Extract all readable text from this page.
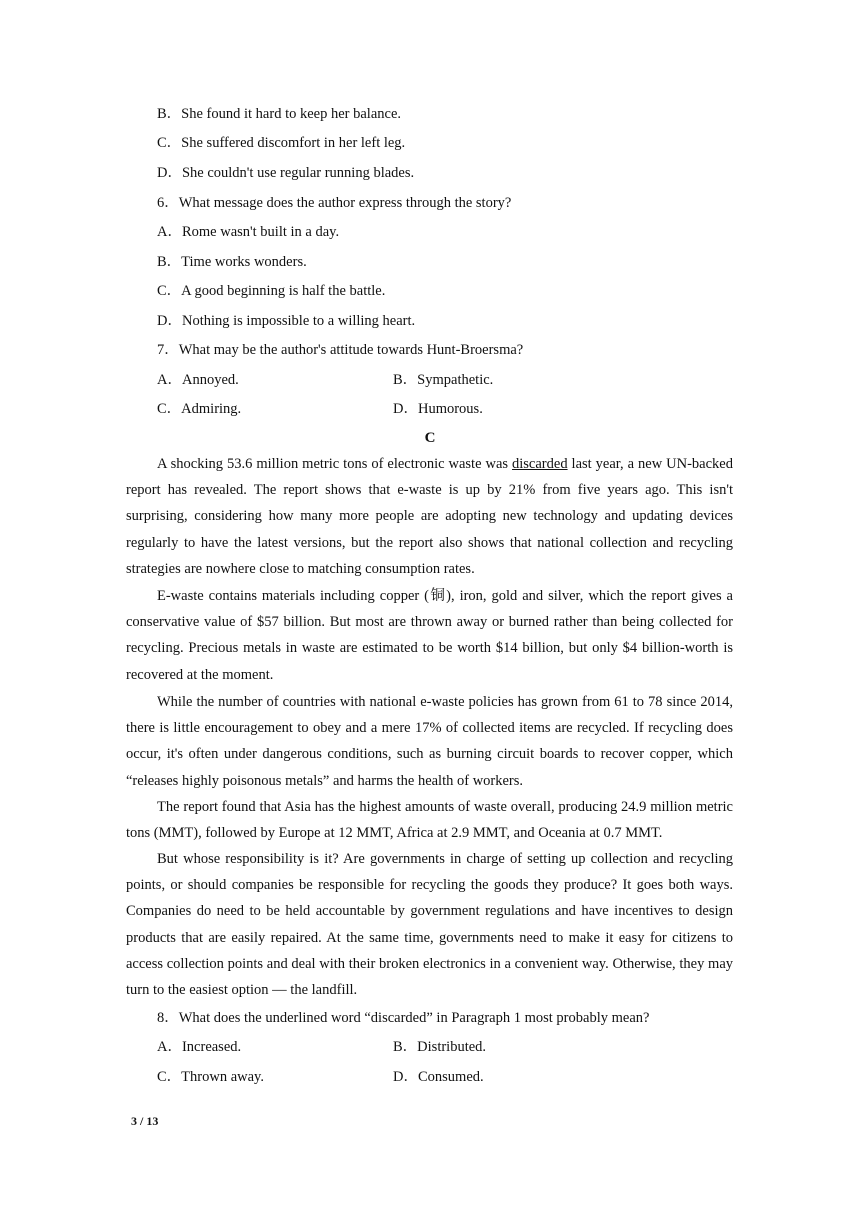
B．She found it hard to keep her balance.
C．She suffered discomfort in her left leg.
D．She couldn't use regular running blades.
6．What message does the author express through the story?
A．Rome wasn't built in a day.
B．Time works wonders.
C．A good beginning is half the battle.
D．Nothing is impossible to a willing heart.
7．What may be the author's attitude towards Hunt-Broersma?
A．Annoyed.	B．Sympathetic.
C．Admiring.	D．Humorous.
C
A shocking 53.6 million metric tons of electronic waste was discarded last year, a new UN-backed report has revealed. The report shows that e-waste is up by 21% from five years ago. This isn't surprising, considering how many more people are adopting new technology and updating devices regularly to have the latest versions, but the report also shows that national collection and recycling strategies are nowhere close to matching consumption rates.
E-waste contains materials including copper (铜), iron, gold and silver, which the report gives a conservative value of $57 billion. But most are thrown away or burned rather than being collected for recycling. Precious metals in waste are estimated to be worth $14 billion, but only $4 billion-worth is recovered at the moment.
While the number of countries with national e-waste policies has grown from 61 to 78 since 2014, there is little encouragement to obey and a mere 17% of collected items are recycled. If recycling does occur, it's often under dangerous conditions, such as burning circuit boards to recover copper, which “releases highly poisonous metals” and harms the health of workers.
The report found that Asia has the highest amounts of waste overall, producing 24.9 million metric tons (MMT), followed by Europe at 12 MMT, Africa at 2.9 MMT, and Oceania at 0.7 MMT.
But whose responsibility is it? Are governments in charge of setting up collection and recycling points, or should companies be responsible for recycling the goods they produce? It goes both ways. Companies do need to be held accountable by government regulations and have incentives to design products that are easily repaired. At the same time, governments need to make it easy for citizens to access collection points and deal with their broken electronics in a convenient way. Otherwise, they may turn to the easiest option — the landfill.
8．What does the underlined word “discarded” in Paragraph 1 most probably mean?
A．Increased.	B．Distributed.
C．Thrown away.	D．Consumed.
3 / 13
